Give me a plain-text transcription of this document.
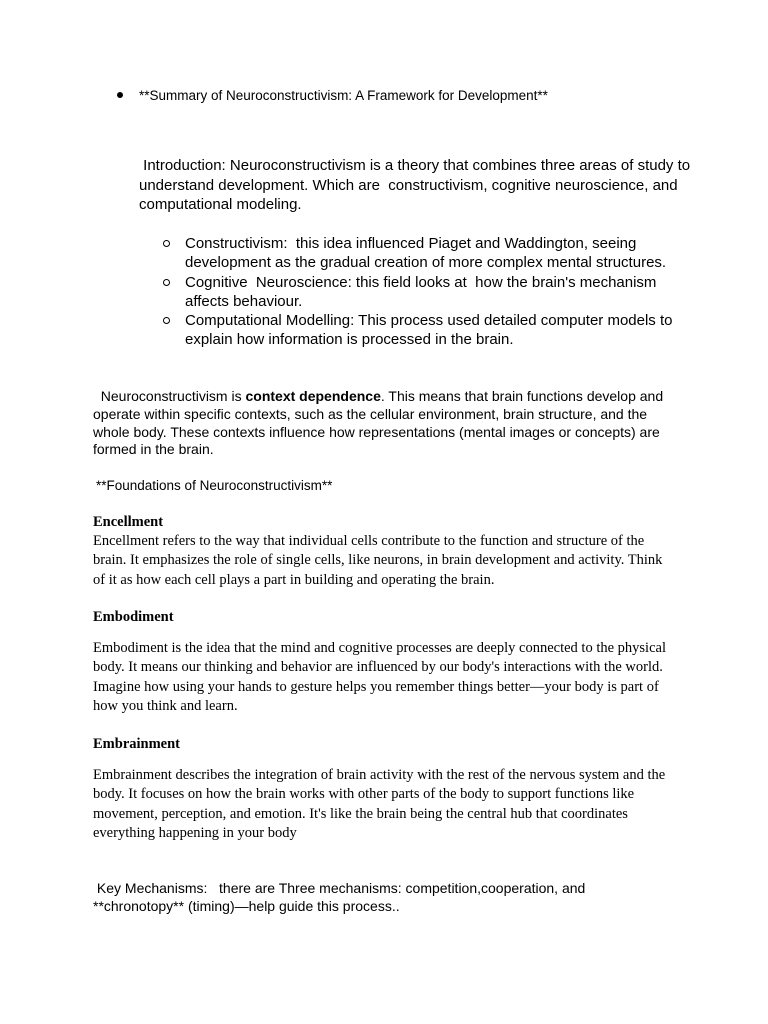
**Summary of Neuroconstructivism: A Framework for Development**
Introduction: Neuroconstructivism is a theory that combines three areas of study to understand development. Which are  constructivism, cognitive neuroscience, and computational modeling.
Constructivism:  this idea influenced Piaget and Waddington, seeing development as the gradual creation of more complex mental structures.
Cognitive  Neuroscience: this field looks at  how the brain's mechanism affects behaviour.
Computational Modelling: This process used detailed computer models to explain how information is processed in the brain.
Neuroconstructivism is context dependence. This means that brain functions develop and operate within specific contexts, such as the cellular environment, brain structure, and the whole body. These contexts influence how representations (mental images or concepts) are formed in the brain.
**Foundations of Neuroconstructivism**
Encellment
Encellment refers to the way that individual cells contribute to the function and structure of the brain. It emphasizes the role of single cells, like neurons, in brain development and activity. Think of it as how each cell plays a part in building and operating the brain.
Embodiment
Embodiment is the idea that the mind and cognitive processes are deeply connected to the physical body. It means our thinking and behavior are influenced by our body's interactions with the world. Imagine how using your hands to gesture helps you remember things better—your body is part of how you think and learn.
Embrainment
Embrainment describes the integration of brain activity with the rest of the nervous system and the body. It focuses on how the brain works with other parts of the body to support functions like movement, perception, and emotion. It's like the brain being the central hub that coordinates everything happening in your body
Key Mechanisms:   there are Three mechanisms: competition,cooperation, and **chronotopy** (timing)—help guide this process..
